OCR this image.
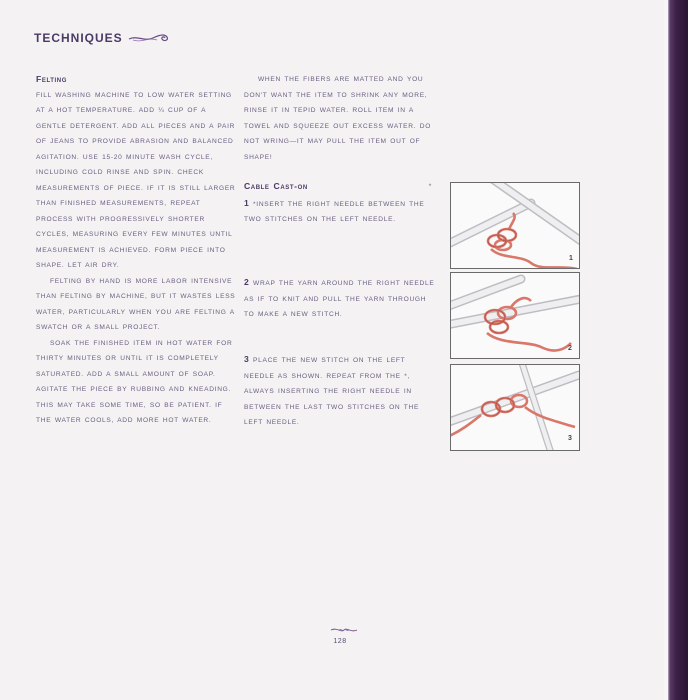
TECHNIQUES

Felting

FILL WASHING MACHINE TO LOW WATER SETTING AT A HOT TEMPERATURE. ADD ¼ CUP OF A GENTLE DETERGENT. ADD ALL PIECES AND A PAIR OF JEANS TO PROVIDE ABRASION AND BALANCED AGITATION. USE 15-20 MINUTE WASH CYCLE, INCLUDING COLD RINSE AND SPIN. CHECK MEASUREMENTS OF PIECE. IF IT IS STILL LARGER THAN FINISHED MEASUREMENTS, REPEAT PROCESS WITH PROGRESSIVELY SHORTER CYCLES, MEASURING EVERY FEW MINUTES UNTIL MEASUREMENT IS ACHIEVED. FORM PIECE INTO SHAPE. LET AIR DRY.

FELTING BY HAND IS MORE LABOR INTENSIVE THAN FELTING BY MACHINE, BUT IT WASTES LESS WATER, PARTICULARLY WHEN YOU ARE FELTING A SWATCH OR A SMALL PROJECT.

SOAK THE FINISHED ITEM IN HOT WATER FOR THIRTY MINUTES OR UNTIL IT IS COMPLETELY SATURATED. ADD A SMALL AMOUNT OF SOAP. AGITATE THE PIECE BY RUBBING AND KNEADING. THIS MAY TAKE SOME TIME, SO BE PATIENT. IF THE WATER COOLS, ADD MORE HOT WATER.

WHEN THE FIBERS ARE MATTED AND YOU DON'T WANT THE ITEM TO SHRINK ANY MORE, RINSE IT IN TEPID WATER. ROLL ITEM IN A TOWEL AND SQUEEZE OUT EXCESS WATER. DO NOT WRING—IT MAY PULL THE ITEM OUT OF SHAPE!

Cable Cast-on	*

1 *INSERT THE RIGHT NEEDLE BETWEEN THE TWO STITCHES ON THE LEFT NEEDLE.

2 WRAP THE YARN AROUND THE RIGHT NEEDLE AS IF TO KNIT AND PULL THE YARN THROUGH TO MAKE A NEW STITCH.
3 PLACE THE NEW STITCH ON THE LEFT NEEDLE AS SHOWN. REPEAT FROM THE *, ALWAYS INSERTING THE RIGHT NEEDLE IN BETWEEN THE LAST TWO STITCHES ON THE LEFT NEEDLE.
1
2
3
128
